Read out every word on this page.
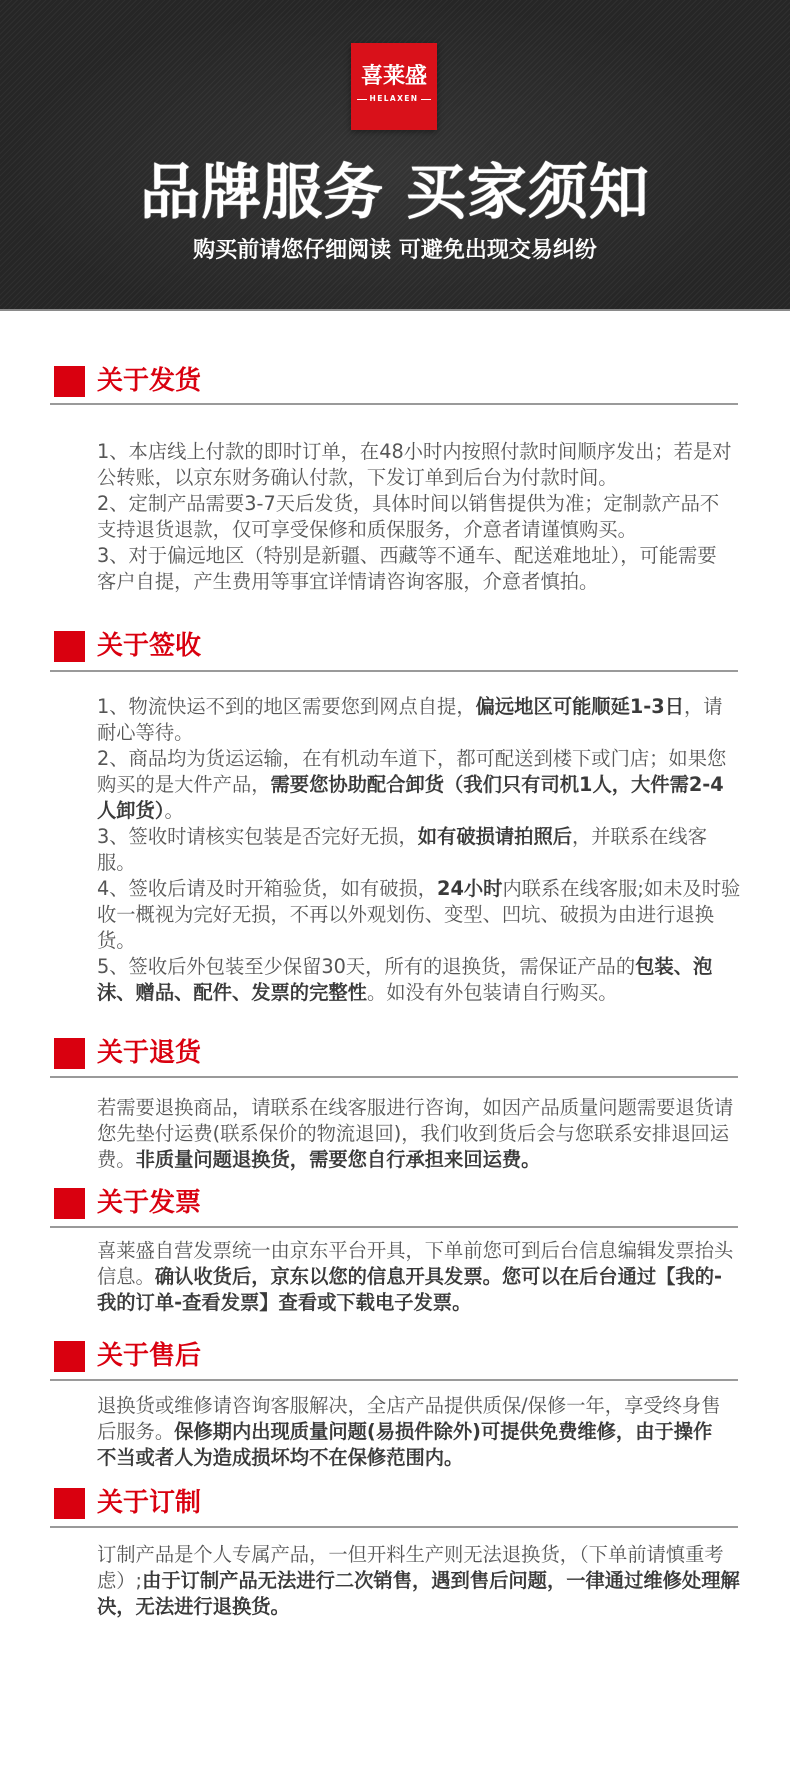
喜莱盛
HELAXEN
品牌服务 买家须知
购买前请您仔细阅读 可避免出现交易纠纷
关于发货
1、本店线上付款的即时订单，在48小时内按照付款时间顺序发出；若是对
公转账，以京东财务确认付款，下发订单到后台为付款时间。
2、定制产品需要3-7天后发货，具体时间以销售提供为准；定制款产品不
支持退货退款，仅可享受保修和质保服务，介意者请谨慎购买。
3、对于偏远地区（特别是新疆、西藏等不通车、配送难地址），可能需要
客户自提，产生费用等事宜详情请咨询客服，介意者慎拍。
关于签收
1、物流快运不到的地区需要您到网点自提，偏远地区可能顺延1-3日，请
耐心等待。
2、商品均为货运运输，在有机动车道下，都可配送到楼下或门店；如果您
购买的是大件产品，需要您协助配合卸货（我们只有司机1人，大件需2-4
人卸货）。
3、签收时请核实包装是否完好无损，如有破损请拍照后，并联系在线客
服。
4、签收后请及时开箱验货，如有破损，24小时内联系在线客服;如未及时验
收一概视为完好无损，不再以外观划伤、变型、凹坑、破损为由进行退换
货。
5、签收后外包装至少保留30天，所有的退换货，需保证产品的包装、泡
沫、赠品、配件、发票的完整性。如没有外包装请自行购买。
关于退货
若需要退换商品，请联系在线客服进行咨询，如因产品质量问题需要退货请
您先垫付运费(联系保价的物流退回)，我们收到货后会与您联系安排退回运
费。非质量问题退换货，需要您自行承担来回运费。
关于发票
喜莱盛自营发票统一由京东平台开具，下单前您可到后台信息编辑发票抬头
信息。确认收货后，京东以您的信息开具发票。您可以在后台通过【我的-
我的订单-查看发票】查看或下载电子发票。
关于售后
退换货或维修请咨询客服解决，全店产品提供质保/保修一年，享受终身售
后服务。保修期内出现质量问题(易损件除外)可提供免费维修，由于操作
不当或者人为造成损坏均不在保修范围内。
关于订制
订制产品是个人专属产品，一但开料生产则无法退换货，（下单前请慎重考
虑）;由于订制产品无法进行二次销售，遇到售后问题，一律通过维修处理解
决，无法进行退换货。
